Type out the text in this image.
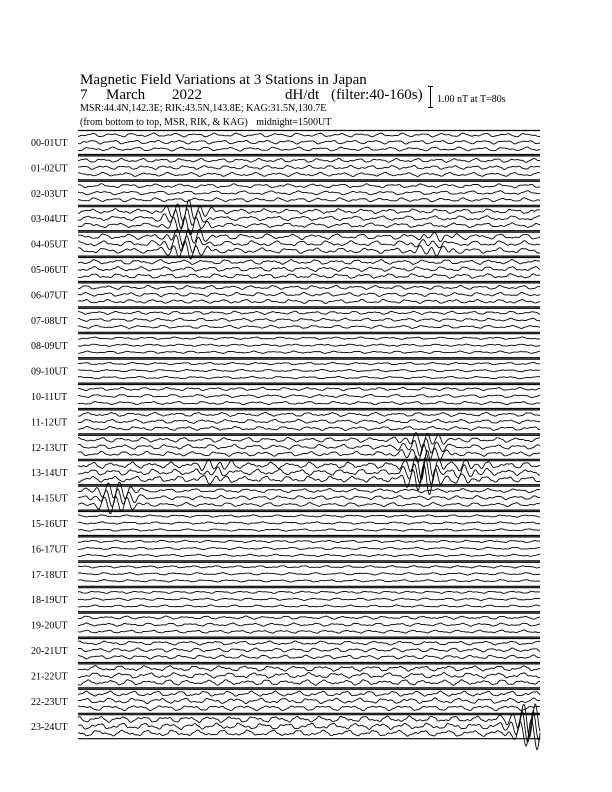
Magnetic Field Variations at 3 Stations in Japan
7 March 2022	dH/dt (filter:40-160s)
MSR:44.4N,142.3E; RIK:43.5N,143.8E; KAG:31.5N,130.7E
(from bottom to top, MSR, RIK, & KAG) midnight=1500UT
1.00 nT at T=80s
00-01UT
01-02UT
02-03UT
03-04UT
04-05UT
05-06UT
06-07UT
07-08UT
08-09UT
09-10UT
10-11UT
11-12UT
12-13UT
13-14UT
14-15UT
15-16UT
16-17UT
17-18UT
18-19UT
19-20UT
20-21UT
21-22UT
22-23UT
23-24UT
